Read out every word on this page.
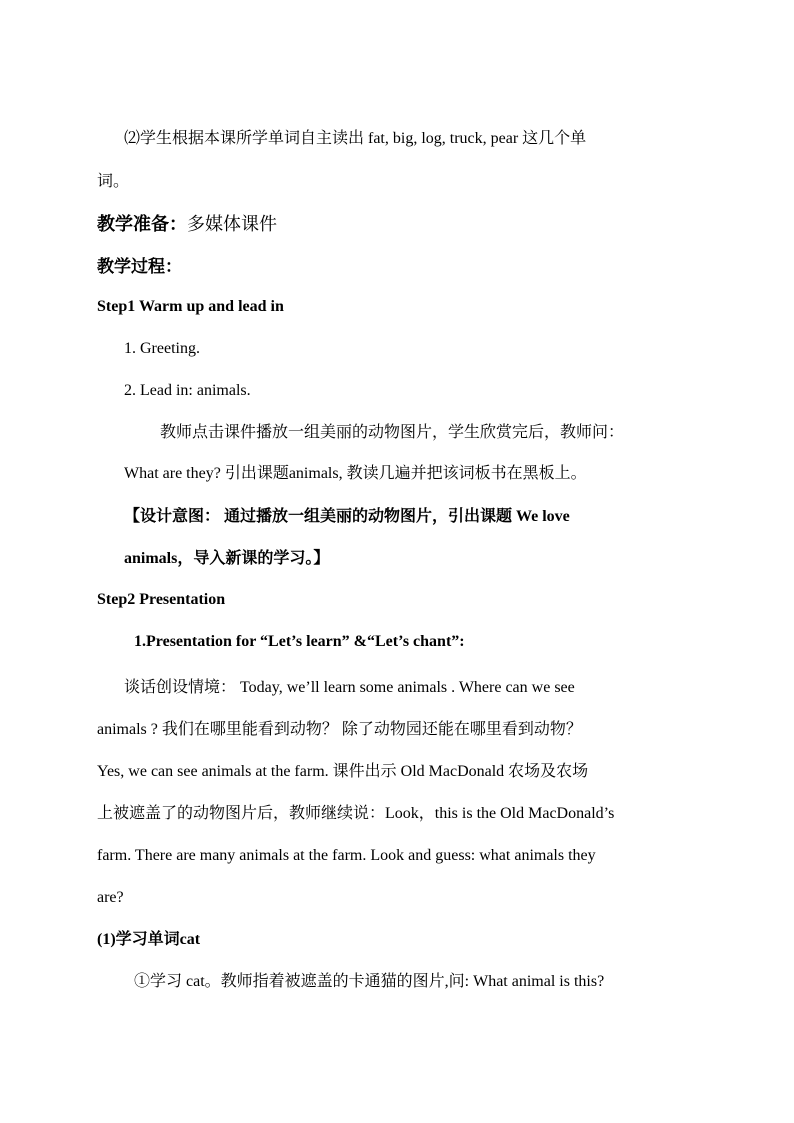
⑵学生根据本课所学单词自主读出 fat, big, log, truck, pear 这几个单
词。
教学准备：多媒体课件
教学过程：
Step1 Warm up and lead in
1. Greeting.
2. Lead in: animals.
教师点击课件播放一组美丽的动物图片，学生欣赏完后，教师问：
What are they? 引出课题animals, 教读几遍并把该词板书在黑板上。
【设计意图： 通过播放一组美丽的动物图片，引出课题 We love
animals，导入新课的学习。】
Step2 Presentation
1.Presentation for “Let’s learn” &“Let’s chant”:
谈话创设情境： Today, we’ll learn some animals . Where can we see
animals ? 我们在哪里能看到动物？ 除了动物园还能在哪里看到动物？
Yes, we can see animals at the farm. 课件出示 Old MacDonald 农场及农场
上被遮盖了的动物图片后，教师继续说：Look，this is the Old MacDonald’s
farm. There are many animals at the farm. Look and guess: what animals they
are?
(1)学习单词cat
①学习 cat。教师指着被遮盖的卡通猫的图片,问: What animal is this?
